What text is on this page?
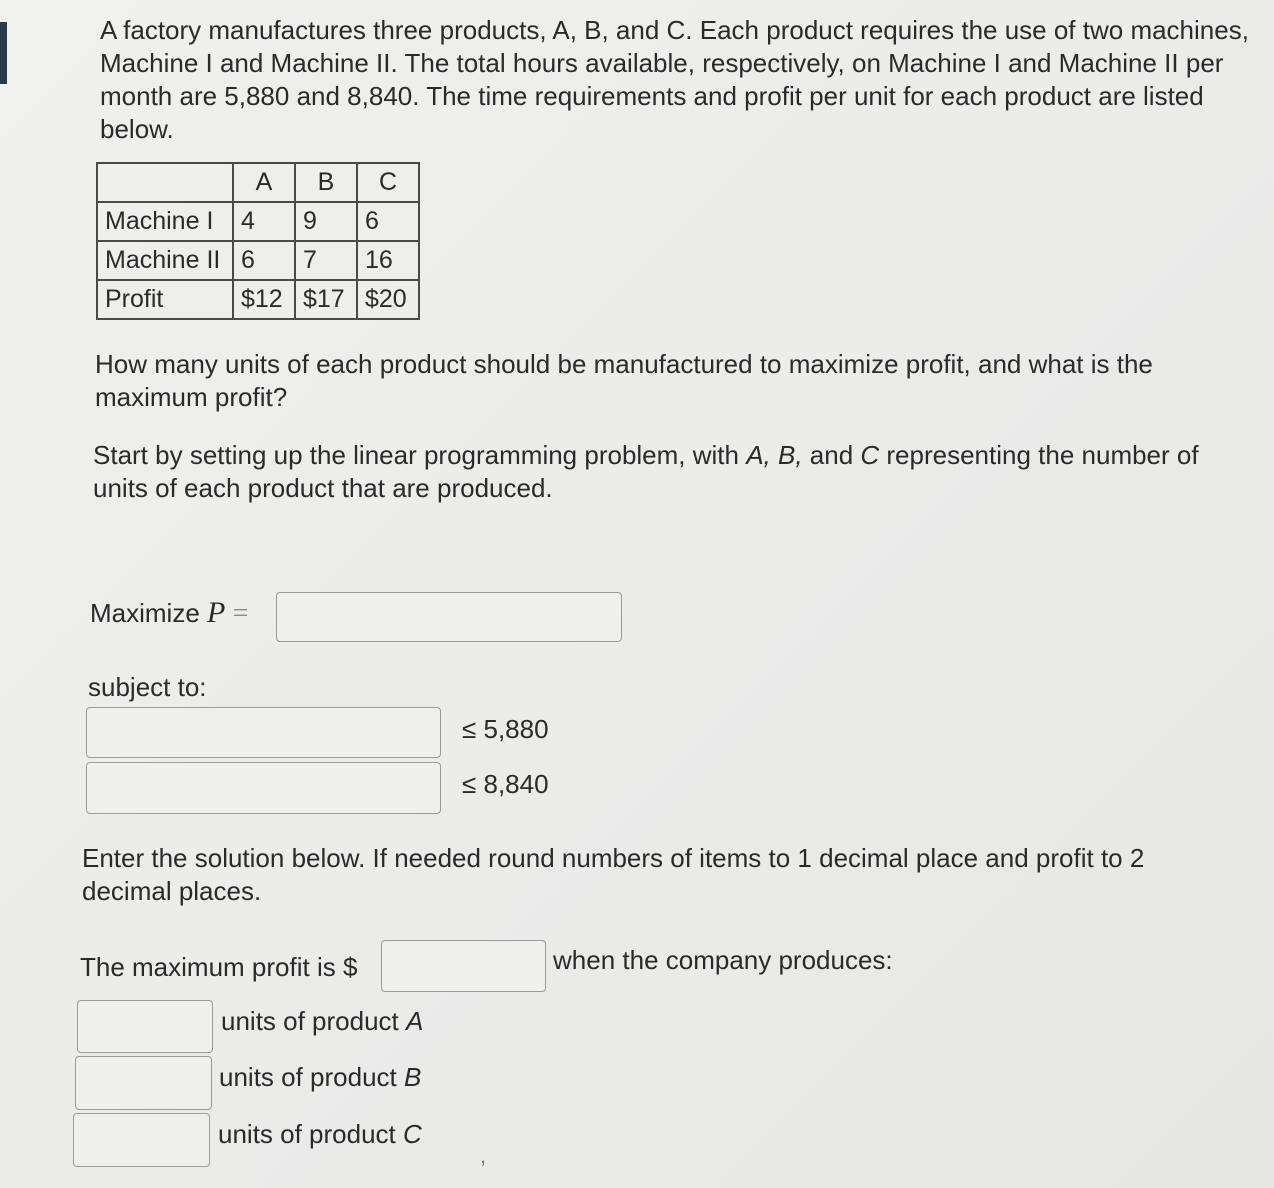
A factory manufactures three products, A, B, and C. Each product requires the use of two machines, Machine I and Machine II. The total hours available, respectively, on Machine I and Machine II per month are 5,880 and 8,840. The time requirements and profit per unit for each product are listed below.

	A	B	C
Machine I	4	9	6
Machine II	6	7	16
Profit	$12	$17	$20

How many units of each product should be manufactured to maximize profit, and what is the maximum profit?

Start by setting up the linear programming problem, with A, B, and C representing the number of units of each product that are produced.

Maximize P =
subject to:
≤ 5,880
≤ 8,840

Enter the solution below. If needed round numbers of items to 1 decimal place and profit to 2 decimal places.

The maximum profit is $	when the company produces:
units of product A
units of product B
units of product C
,
